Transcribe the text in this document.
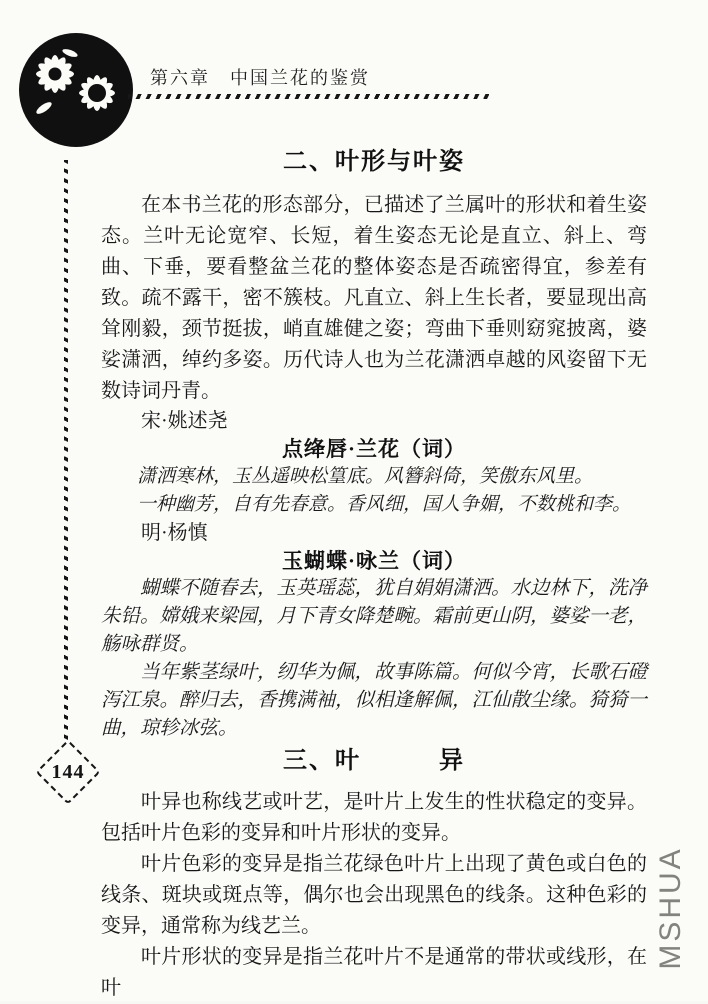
第六章　中国兰花的鉴赏
144
二、叶形与叶姿

在本书兰花的形态部分，已描述了兰属叶的形状和着生姿态。兰叶无论宽窄、长短，着生姿态无论是直立、斜上、弯曲、下垂，要看整盆兰花的整体姿态是否疏密得宜，参差有致。疏不露干，密不簇枝。凡直立、斜上生长者，要显现出高耸刚毅，颈节挺拔，峭直雄健之姿；弯曲下垂则窈窕披离，婆娑潇洒，绰约多姿。历代诗人也为兰花潇洒卓越的风姿留下无数诗词丹青。

宋·姚述尧

点绛唇·兰花（词）
潇洒寒林，玉丛遥映松篁底。风簪斜倚，笑傲东风里。
一种幽芳，自有先春意。香风细，国人争媚，不数桃和李。

明·杨慎

玉蝴蝶·咏兰（词）

蝴蝶不随春去，玉英瑶蕊，犹自娟娟潇洒。水边林下，洗净朱铅。嫦娥来梁园，月下青女降楚畹。霜前更山阴，婆娑一老，觞咏群贤。

当年紫茎绿叶，纫华为佩，故事陈篇。何似今宵，长歌石磴泻江泉。醉归去，香携满袖，似相逢解佩，江仙散尘缘。猗猗一曲，琼轸冰弦。

三、叶　　　异

叶异也称线艺或叶艺，是叶片上发生的性状稳定的变异。包括叶片色彩的变异和叶片形状的变异。

叶片色彩的变异是指兰花绿色叶片上出现了黄色或白色的线条、斑块或斑点等，偶尔也会出现黑色的线条。这种色彩的变异，通常称为线艺兰。

叶片形状的变异是指兰花叶片不是通常的带状或线形，在叶

MSHUA
